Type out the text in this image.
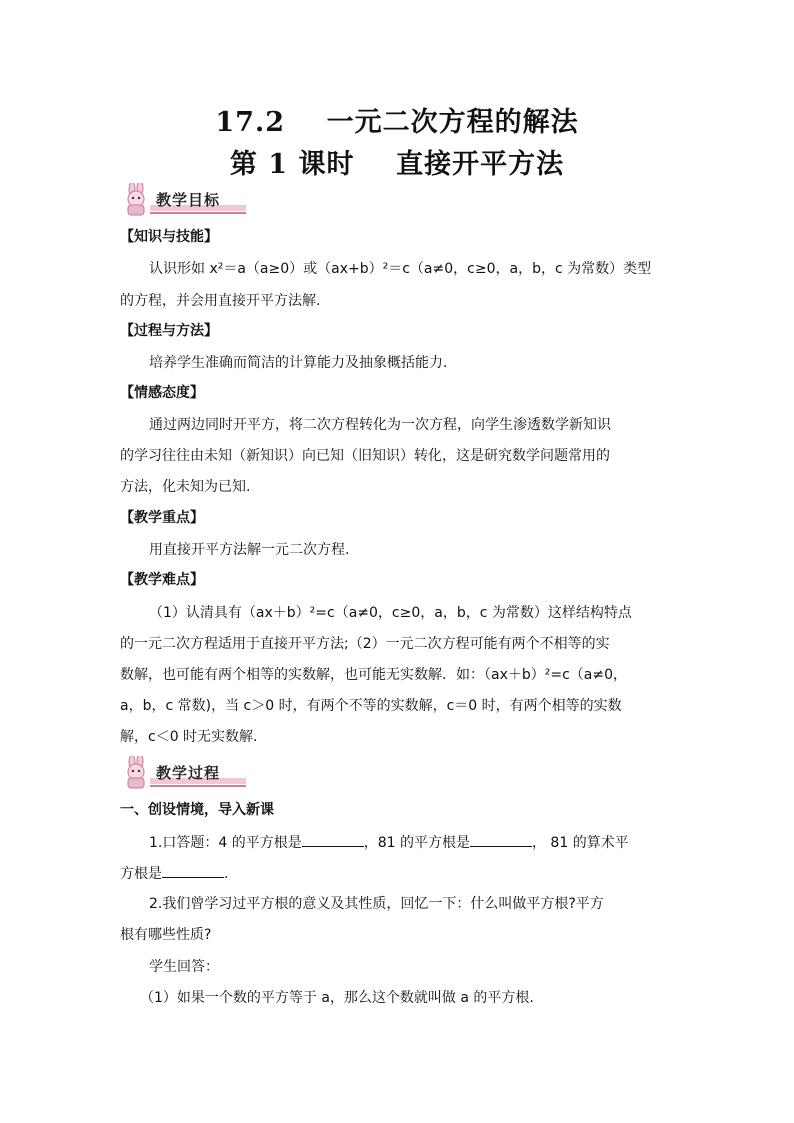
17.2    一元二次方程的解法
第 1 课时    直接开平方法
教学目标
【知识与技能】
认识形如 x²＝a（a≥0）或（ax+b）²＝c（a≠0，c≥0，a，b，c 为常数）类型
的方程，并会用直接开平方法解.
【过程与方法】
培养学生准确而简洁的计算能力及抽象概括能力.
【情感态度】
通过两边同时开平方，将二次方程转化为一次方程，向学生渗透数学新知识
的学习往往由未知（新知识）向已知（旧知识）转化，这是研究数学问题常用的
方法，化未知为已知.
【教学重点】
用直接开平方法解一元二次方程.
【教学难点】
（1）认清具有（ax＋b）²=c（a≠0，c≥0，a，b，c 为常数）这样结构特点
的一元二次方程适用于直接开平方法;（2）一元二次方程可能有两个不相等的实
数解，也可能有两个相等的实数解，也可能无实数解．如：（ax＋b）²=c（a≠0，
a，b，c 常数)，当 c＞0 时，有两个不等的实数解，c＝0 时，有两个相等的实数
解，c＜0 时无实数解.
教学过程
一、创设情境，导入新课
1.口答题：4 的平方根是	，81 的平方根是	， 81 的算术平
方根是	.
2.我们曾学习过平方根的意义及其性质，回忆一下：什么叫做平方根?平方
根有哪些性质?
学生回答：
（1）如果一个数的平方等于 a，那么这个数就叫做 a 的平方根.
